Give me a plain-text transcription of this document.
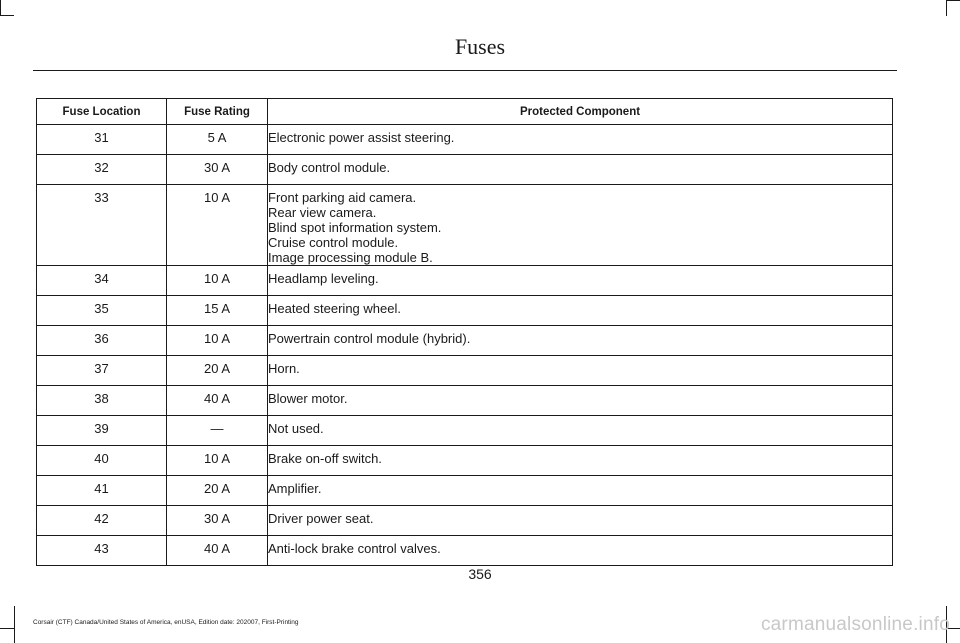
Fuses
Fuse Location	Fuse Rating	Protected Component
31	5 A	Electronic power assist steering.

32	30 A	Body control module.

33	10 A	Front parking aid camera.
Rear view camera.
Blind spot information system.
Cruise control module.
Image processing module B.

34	10 A	Headlamp leveling.

35	15 A	Heated steering wheel.

36	10 A	Powertrain control module (hybrid).

37	20 A	Horn.

38	40 A	Blower motor.

39	—	Not used.

40	10 A	Brake on-off switch.

41	20 A	Amplifier.

42	30 A	Driver power seat.

43	40 A	Anti-lock brake control valves.
356
Corsair (CTF) Canada/United States of America, enUSA, Edition date: 202007, First-Printing	carmanualsonline.info
